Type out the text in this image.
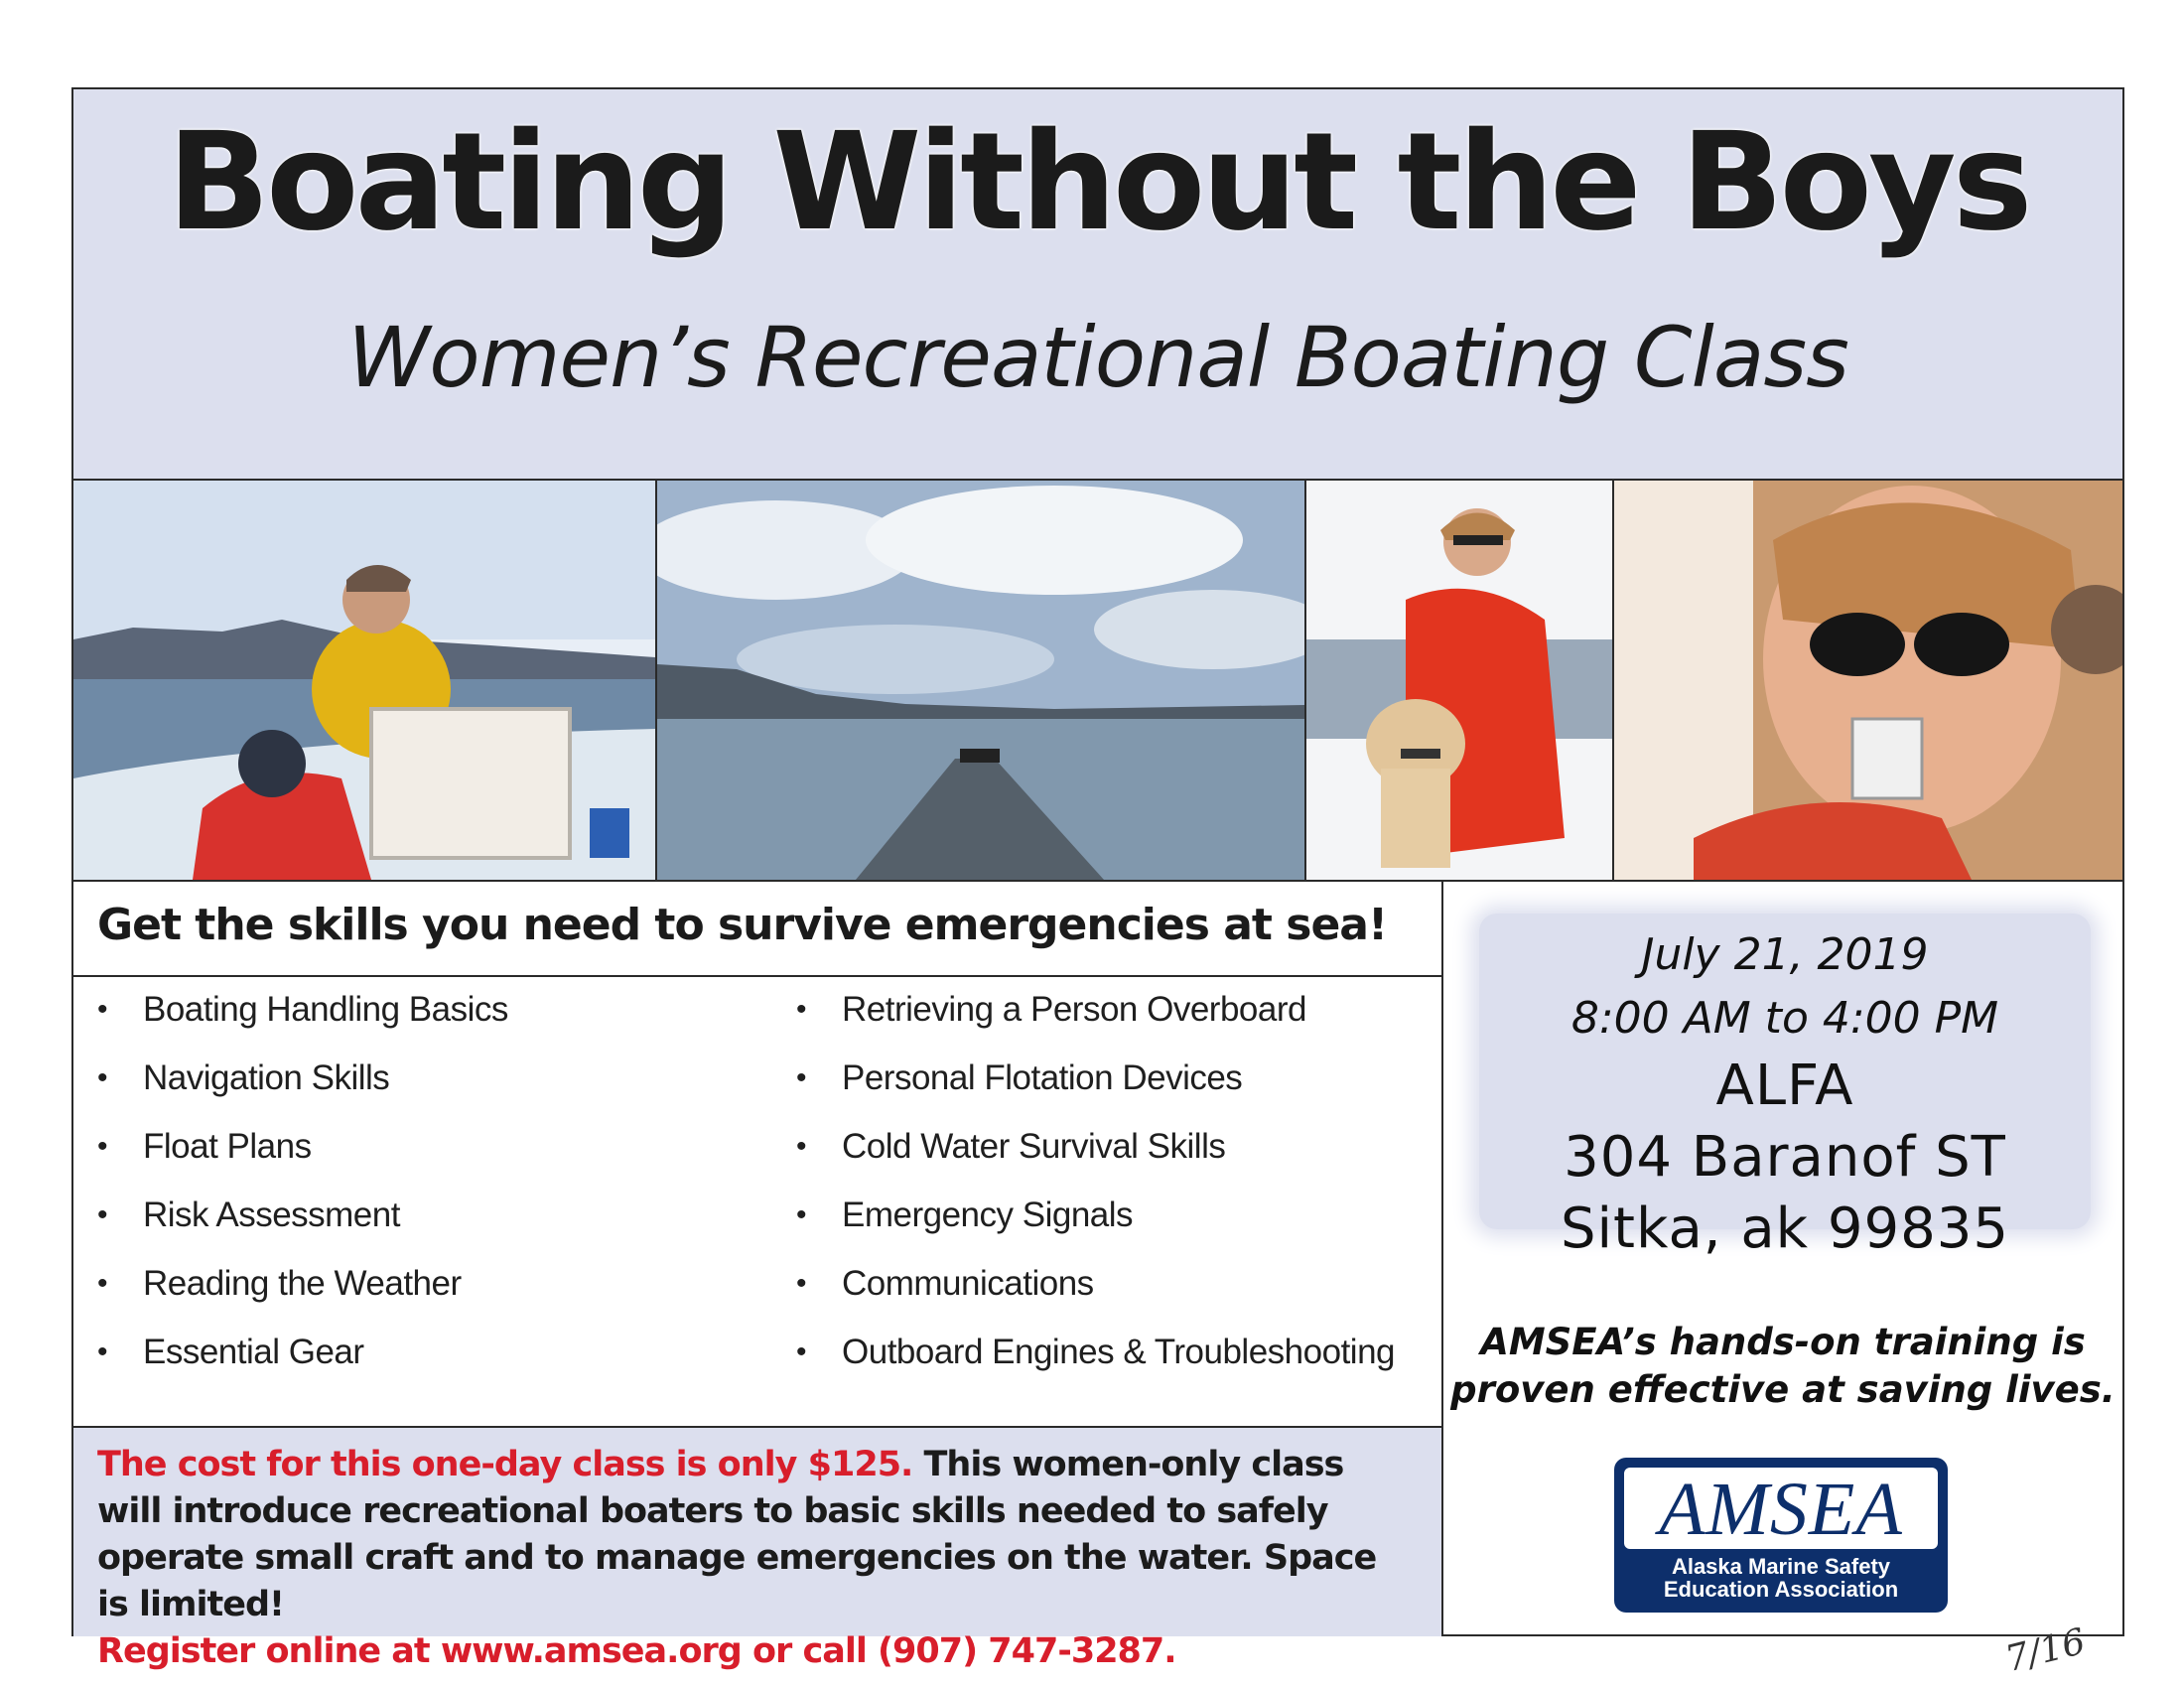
Boating Without the Boys
Women’s Recreational Boating Class
Get the skills you need to survive emergencies at sea!
• Boating Handling Basics
• Navigation Skills
• Float Plans
• Risk Assessment
• Reading the Weather
• Essential Gear
• Retrieving a Person Overboard
• Personal Flotation Devices
• Cold Water Survival Skills
• Emergency Signals
• Communications
• Outboard Engines & Troubleshooting
The cost for this one-day class is only $125. This women-only class will introduce recreational boaters to basic skills needed to safely operate small craft and to manage emergencies on the water. Space is limited!
Register online at www.amsea.org or call (907) 747-3287.
July 21, 2019
8:00 AM to 4:00 PM
ALFA
304 Baranof ST
Sitka, ak 99835
AMSEA’s hands-on training is proven effective at saving lives.
AMSEA
Alaska Marine Safety
Education Association
7/16
